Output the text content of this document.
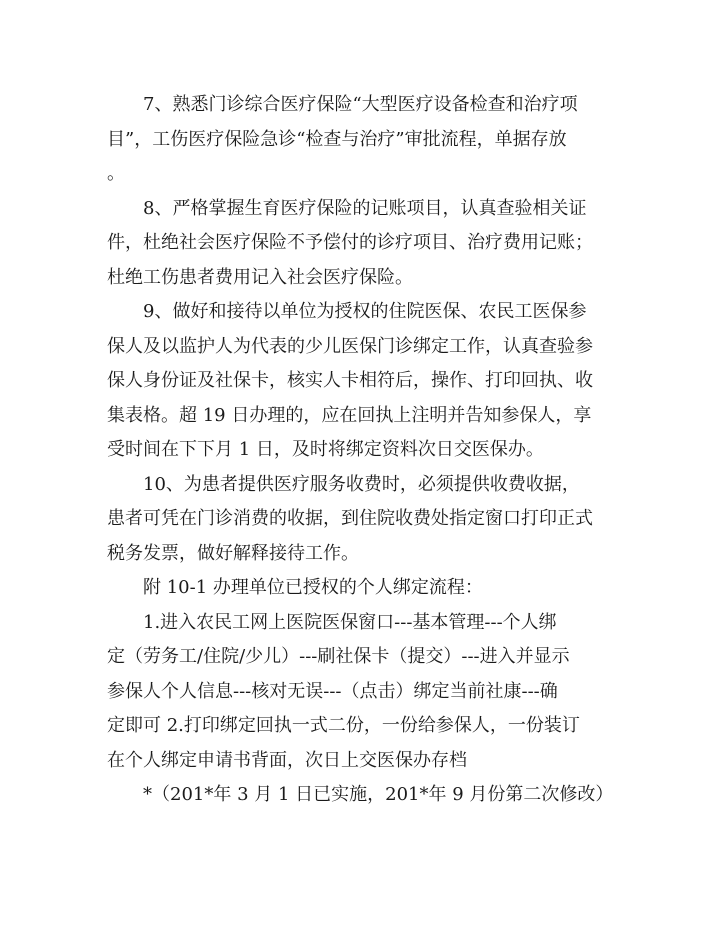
7、熟悉门诊综合医疗保险“大型医疗设备检查和治疗项

目”，工伤医疗保险急诊“检查与治疗”审批流程，单据存放

。

8、严格掌握生育医疗保险的记账项目，认真查验相关证

件，杜绝社会医疗保险不予偿付的诊疗项目、治疗费用记账；

杜绝工伤患者费用记入社会医疗保险。

9、做好和接待以单位为授权的住院医保、农民工医保参

保人及以监护人为代表的少儿医保门诊绑定工作，认真查验参

保人身份证及社保卡，核实人卡相符后，操作、打印回执、收

集表格。超 19 日办理的，应在回执上注明并告知参保人，享

受时间在下下月 1 日，及时将绑定资料次日交医保办。

10、为患者提供医疗服务收费时，必须提供收费收据，

患者可凭在门诊消费的收据，到住院收费处指定窗口打印正式

税务发票，做好解释接待工作。

附 10-1 办理单位已授权的个人绑定流程：

1.进入农民工网上医院医保窗口---基本管理---个人绑

定（劳务工/住院/少儿）---刷社保卡（提交）---进入并显示

参保人个人信息---核对无误---（点击）绑定当前社康---确

定即可 2.打印绑定回执一式二份，一份给参保人，一份装订

在个人绑定申请书背面，次日上交医保办存档

*（201*年 3 月 1 日已实施，201*年 9 月份第二次修改）
